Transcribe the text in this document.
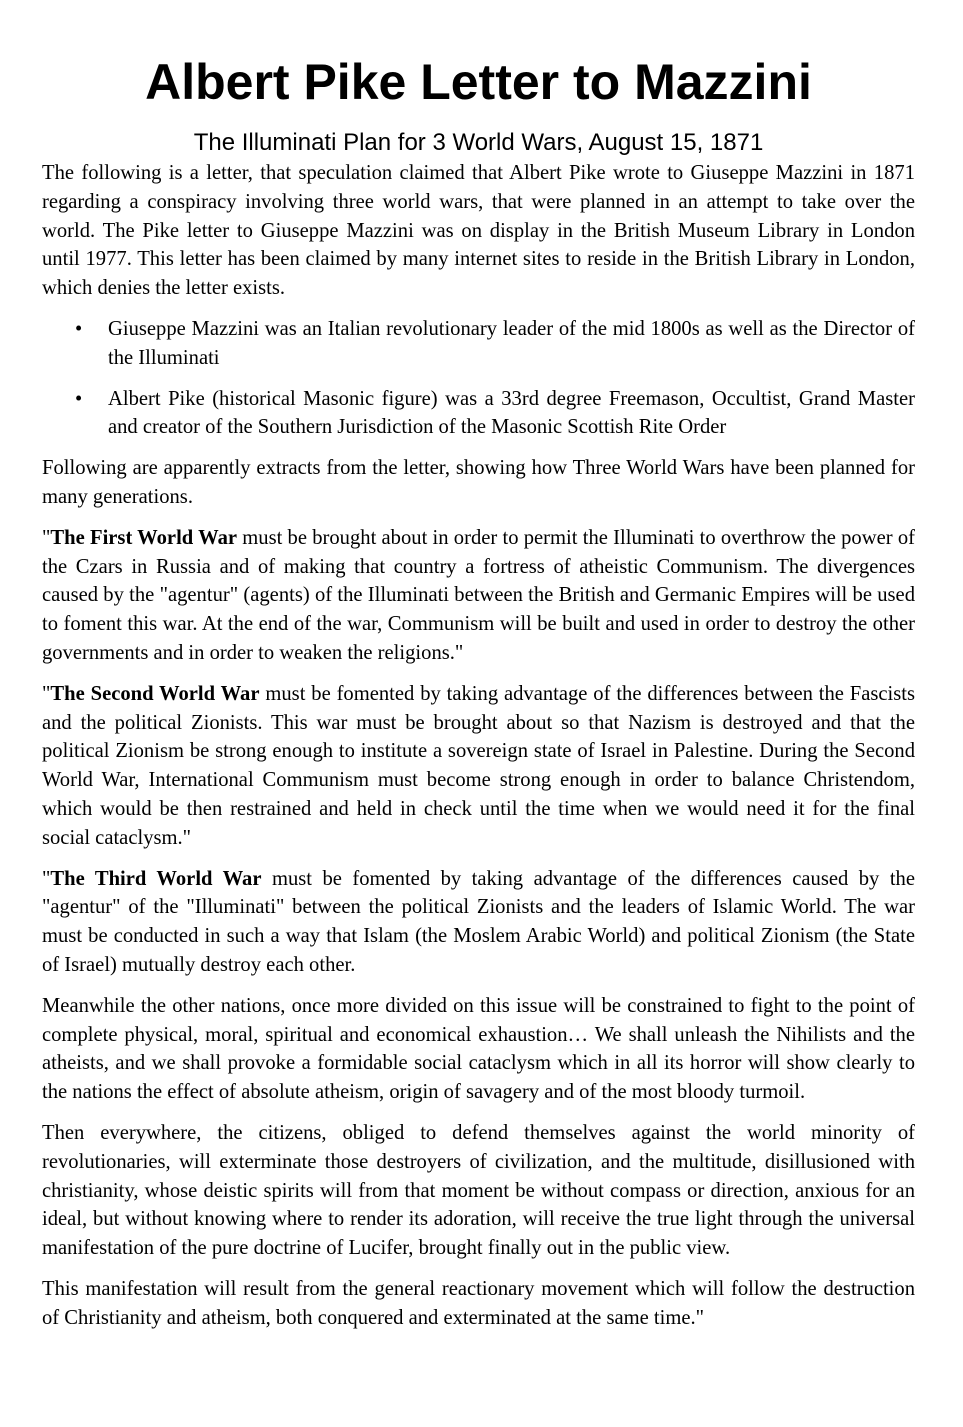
Albert Pike Letter to Mazzini
The Illuminati Plan for 3 World Wars, August 15, 1871

The following is a letter, that speculation claimed that Albert Pike wrote to Giuseppe Mazzini in 1871 regarding a conspiracy involving three world wars, that were planned in an attempt to take over the world. The Pike letter to Giuseppe Mazzini was on display in the British Museum Library in London until 1977. This letter has been claimed by many internet sites to reside in the British Library in London, which denies the letter exists.

• Giuseppe Mazzini was an Italian revolutionary leader of the mid 1800s as well as the Director of the Illuminati
• Albert Pike (historical Masonic figure) was a 33rd degree Freemason, Occultist, Grand Master and creator of the Southern Jurisdiction of the Masonic Scottish Rite Order

Following are apparently extracts from the letter, showing how Three World Wars have been planned for many generations.

"The First World War must be brought about in order to permit the Illuminati to overthrow the power of the Czars in Russia and of making that country a fortress of atheistic Communism. The divergences caused by the "agentur" (agents) of the Illuminati between the British and Germanic Empires will be used to foment this war. At the end of the war, Communism will be built and used in order to destroy the other governments and in order to weaken the religions."

"The Second World War must be fomented by taking advantage of the differences between the Fascists and the political Zionists. This war must be brought about so that Nazism is destroyed and that the political Zionism be strong enough to institute a sovereign state of Israel in Palestine. During the Second World War, International Communism must become strong enough in order to balance Christendom, which would be then restrained and held in check until the time when we would need it for the final social cataclysm."

"The Third World War must be fomented by taking advantage of the differences caused by the "agentur" of the "Illuminati" between the political Zionists and the leaders of Islamic World. The war must be conducted in such a way that Islam (the Moslem Arabic World) and political Zionism (the State of Israel) mutually destroy each other.

Meanwhile the other nations, once more divided on this issue will be constrained to fight to the point of complete physical, moral, spiritual and economical exhaustion… We shall unleash the Nihilists and the atheists, and we shall provoke a formidable social cataclysm which in all its horror will show clearly to the nations the effect of absolute atheism, origin of savagery and of the most bloody turmoil.

Then everywhere, the citizens, obliged to defend themselves against the world minority of revolutionaries, will exterminate those destroyers of civilization, and the multitude, disillusioned with christianity, whose deistic spirits will from that moment be without compass or direction, anxious for an ideal, but without knowing where to render its adoration, will receive the true light through the universal manifestation of the pure doctrine of Lucifer, brought finally out in the public view.

This manifestation will result from the general reactionary movement which will follow the destruction of Christianity and atheism, both conquered and exterminated at the same time."
